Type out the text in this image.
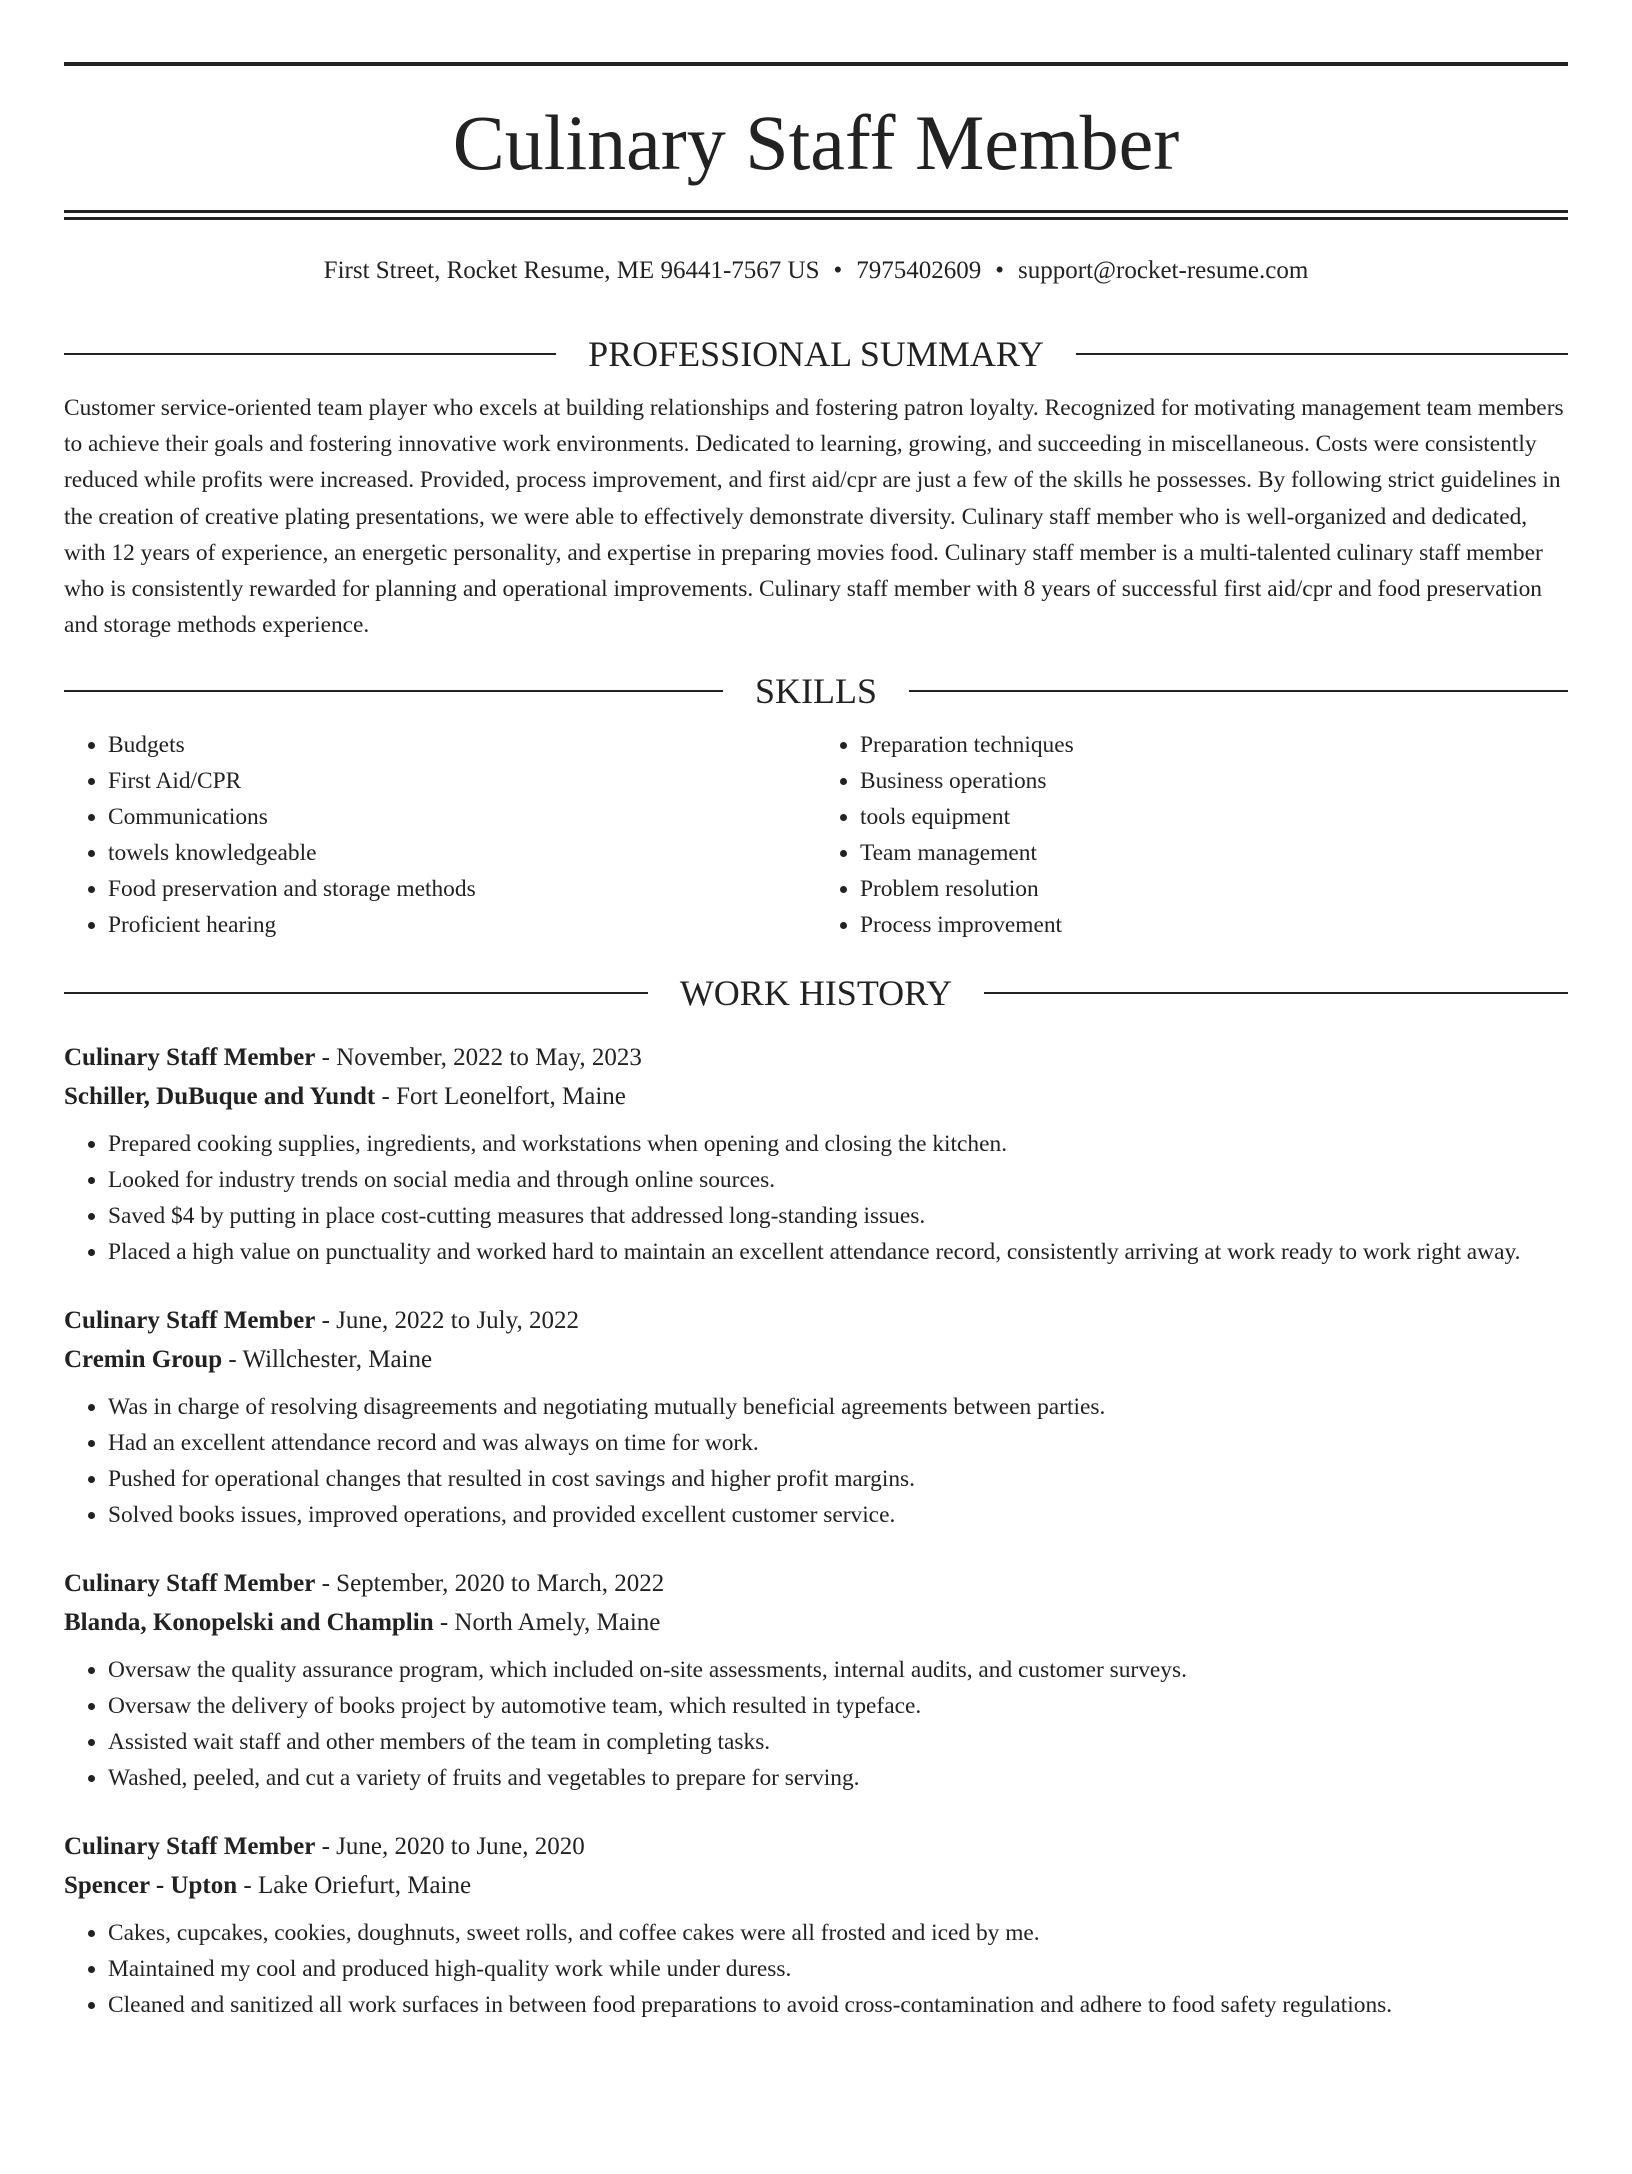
Culinary Staff Member
First Street, Rocket Resume, ME 96441-7567 US • 7975402609 • support@rocket-resume.com
PROFESSIONAL SUMMARY
Customer service-oriented team player who excels at building relationships and fostering patron loyalty. Recognized for motivating management team members to achieve their goals and fostering innovative work environments. Dedicated to learning, growing, and succeeding in miscellaneous. Costs were consistently reduced while profits were increased. Provided, process improvement, and first aid/cpr are just a few of the skills he possesses. By following strict guidelines in the creation of creative plating presentations, we were able to effectively demonstrate diversity. Culinary staff member who is well-organized and dedicated, with 12 years of experience, an energetic personality, and expertise in preparing movies food. Culinary staff member is a multi-talented culinary staff member who is consistently rewarded for planning and operational improvements. Culinary staff member with 8 years of successful first aid/cpr and food preservation and storage methods experience.
SKILLS
• Budgets
• First Aid/CPR
• Communications
• towels knowledgeable
• Food preservation and storage methods
• Proficient hearing
• Preparation techniques
• Business operations
• tools equipment
• Team management
• Problem resolution
• Process improvement
WORK HISTORY
Culinary Staff Member - November, 2022 to May, 2023
Schiller, DuBuque and Yundt - Fort Leonelfort, Maine
• Prepared cooking supplies, ingredients, and workstations when opening and closing the kitchen.
• Looked for industry trends on social media and through online sources.
• Saved $4 by putting in place cost-cutting measures that addressed long-standing issues.
• Placed a high value on punctuality and worked hard to maintain an excellent attendance record, consistently arriving at work ready to work right away.
Culinary Staff Member - June, 2022 to July, 2022
Cremin Group - Willchester, Maine
• Was in charge of resolving disagreements and negotiating mutually beneficial agreements between parties.
• Had an excellent attendance record and was always on time for work.
• Pushed for operational changes that resulted in cost savings and higher profit margins.
• Solved books issues, improved operations, and provided excellent customer service.
Culinary Staff Member - September, 2020 to March, 2022
Blanda, Konopelski and Champlin - North Amely, Maine
• Oversaw the quality assurance program, which included on-site assessments, internal audits, and customer surveys.
• Oversaw the delivery of books project by automotive team, which resulted in typeface.
• Assisted wait staff and other members of the team in completing tasks.
• Washed, peeled, and cut a variety of fruits and vegetables to prepare for serving.
Culinary Staff Member - June, 2020 to June, 2020
Spencer - Upton - Lake Oriefurt, Maine
• Cakes, cupcakes, cookies, doughnuts, sweet rolls, and coffee cakes were all frosted and iced by me.
• Maintained my cool and produced high-quality work while under duress.
• Cleaned and sanitized all work surfaces in between food preparations to avoid cross-contamination and adhere to food safety regulations.
